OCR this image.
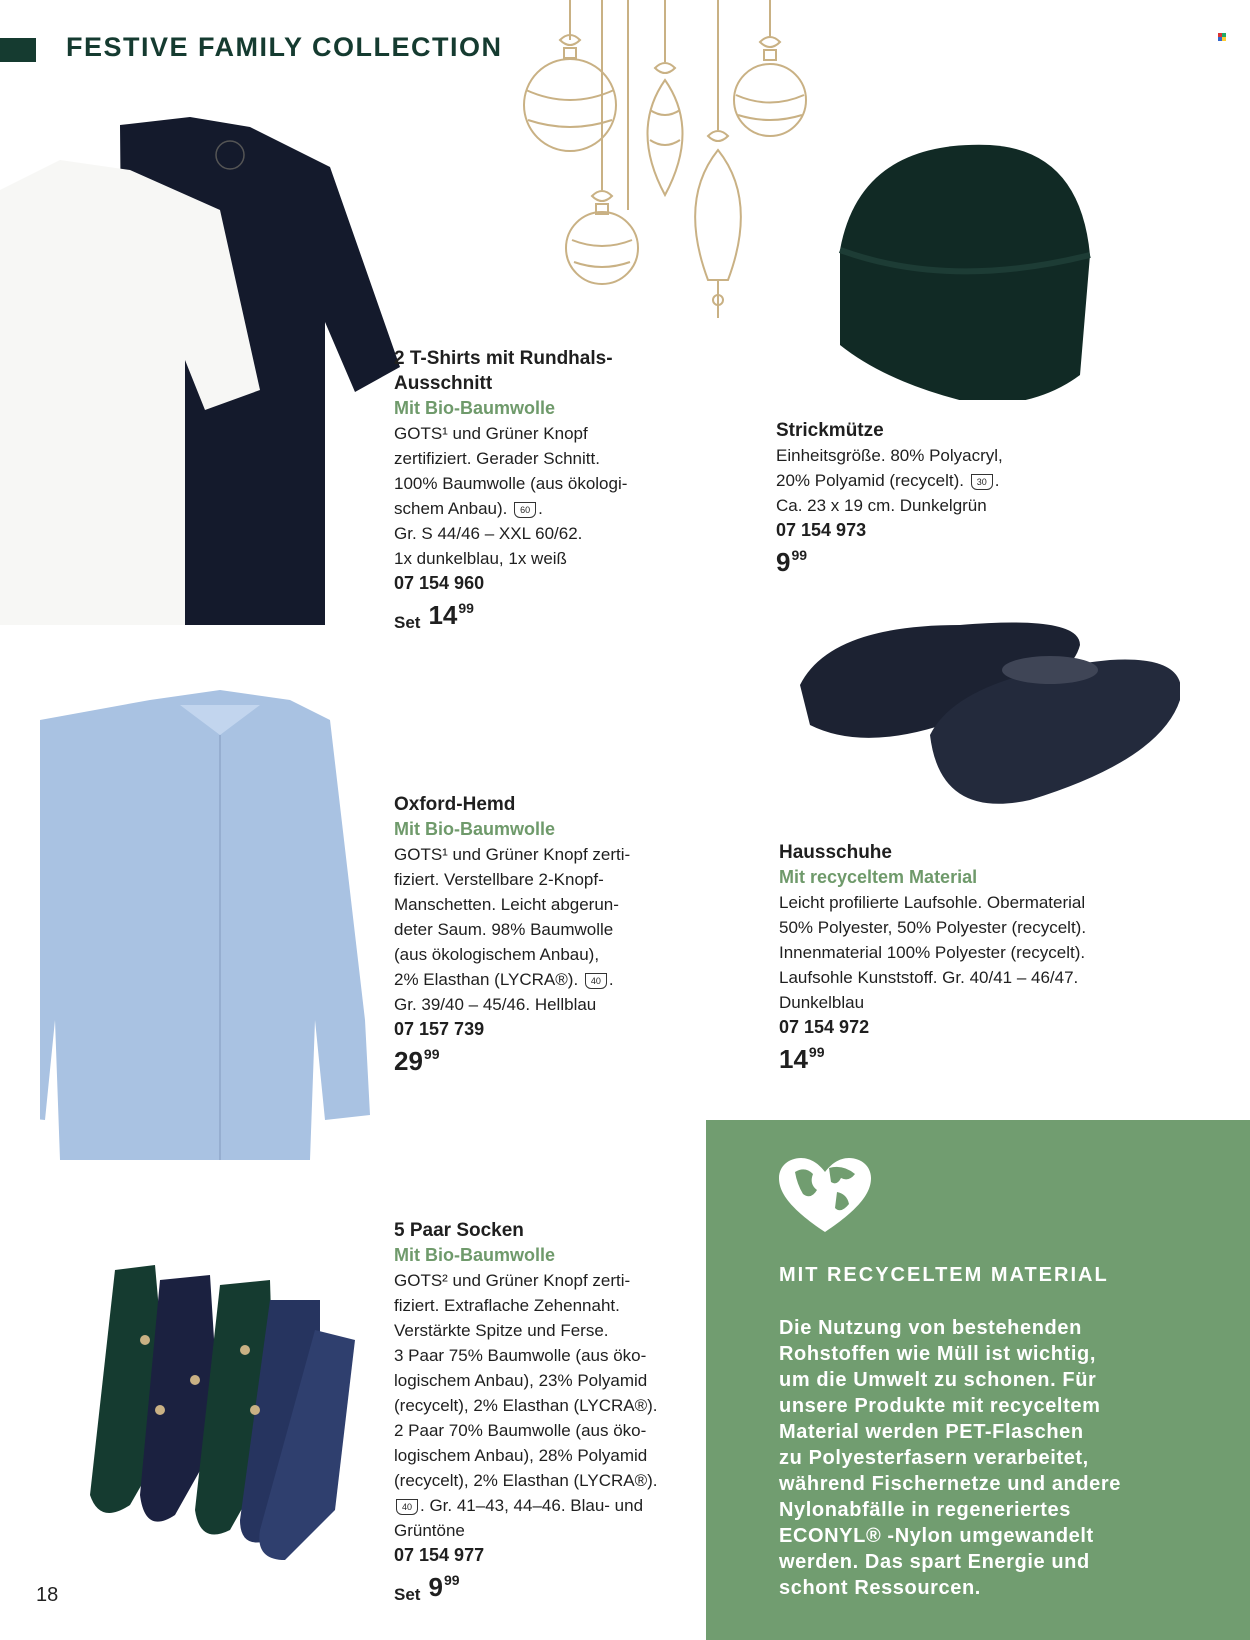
FESTIVE FAMILY COLLECTION
2 T-Shirts mit Rundhals-
Ausschnitt
Mit Bio-Baumwolle
GOTS¹ und Grüner Knopf
zertifiziert. Gerader Schnitt.
100% Baumwolle (aus ökologi-
schem Anbau). 60 .
Gr. S 44/46 – XXL 60/62.
1x dunkelblau, 1x weiß
07 154 960
Set 14 99
Strickmütze
Einheitsgröße. 80% Polyacryl,
20% Polyamid (recycelt). 30 .
Ca. 23 x 19 cm. Dunkelgrün
07 154 973
9 99
Oxford-Hemd
Mit Bio-Baumwolle
GOTS¹ und Grüner Knopf zerti-
fiziert. Verstellbare 2-Knopf-
Manschetten. Leicht abgerun-
deter Saum. 98% Baumwolle
(aus ökologischem Anbau),
2% Elasthan (LYCRA®). 40 .
Gr. 39/40 – 45/46. Hellblau
07 157 739
29 99
Hausschuhe
Mit recyceltem Material
Leicht profilierte Laufsohle. Obermaterial
50% Polyester, 50% Polyester (recycelt).
Innenmaterial 100% Polyester (recycelt).
Laufsohle Kunststoff. Gr. 40/41 – 46/47.
Dunkelblau
07 154 972
14 99
5 Paar Socken
Mit Bio-Baumwolle
GOTS² und Grüner Knopf zerti-
fiziert. Extraflache Zehennaht.
Verstärkte Spitze und Ferse.
3 Paar 75% Baumwolle (aus öko-
logischem Anbau), 23% Polyamid
(recycelt), 2% Elasthan (LYCRA®).
2 Paar 70% Baumwolle (aus öko-
logischem Anbau), 28% Polyamid
(recycelt), 2% Elasthan (LYCRA®).
40 . Gr. 41–43, 44–46. Blau- und
Grüntöne
07 154 977
Set 9 99
MIT RECYCELTEM MATERIAL
Die Nutzung von bestehenden
Rohstoffen wie Müll ist wichtig,
um die Umwelt zu schonen. Für
unsere Produkte mit recyceltem
Material werden PET-Flaschen
zu Polyesterfasern verarbeitet,
während Fischernetze und andere
Nylonabfälle in regeneriertes
ECONYL® -Nylon umgewandelt
werden. Das spart Energie und
schont Ressourcen.
18
